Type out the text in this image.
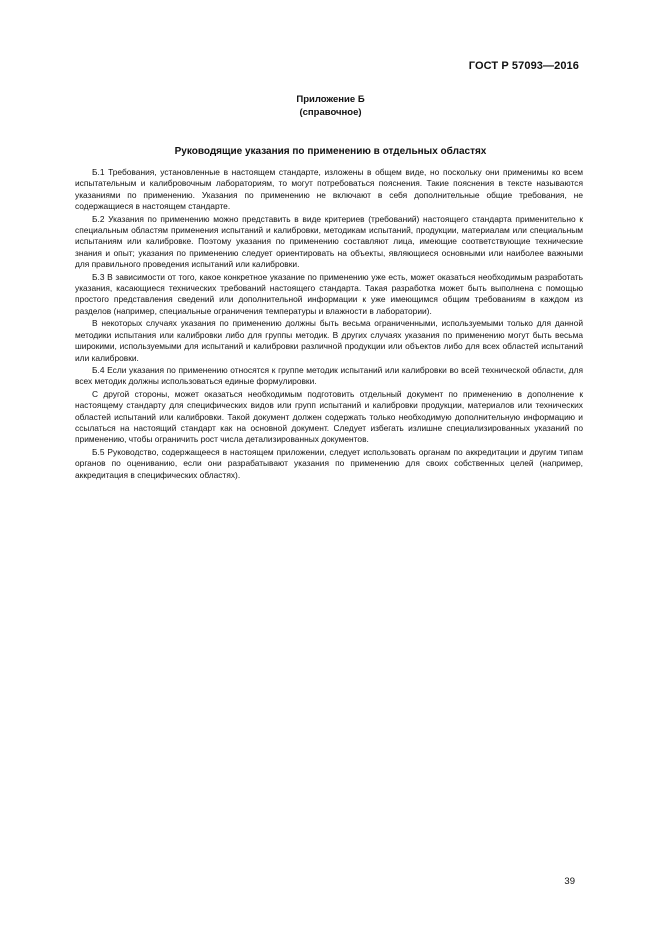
ГОСТ Р 57093—2016
Приложение Б
(справочное)
Руководящие указания по применению в отдельных областях

Б.1 Требования, установленные в настоящем стандарте, изложены в общем виде, но поскольку они применимы ко всем испытательным и калибровочным лабораториям, то могут потребоваться пояснения. Такие пояснения в тексте называются указаниями по применению. Указания по применению не включают в себя дополнительные общие требования, не содержащиеся в настоящем стандарте.

Б.2 Указания по применению можно представить в виде критериев (требований) настоящего стандарта применительно к специальным областям применения испытаний и калибровки, методикам испытаний, продукции, материалам или специальным испытаниям или калибровке. Поэтому указания по применению составляют лица, имеющие соответствующие технические знания и опыт; указания по применению следует ориентировать на объекты, являющиеся основными или наиболее важными для правильного проведения испытаний или калибровки.

Б.3 В зависимости от того, какое конкретное указание по применению уже есть, может оказаться необходимым разработать указания, касающиеся технических требований настоящего стандарта. Такая разработка может быть выполнена с помощью простого представления сведений или дополнительной информации к уже имеющимся общим требованиям в каждом из разделов (например, специальные ограничения температуры и влажности в лаборатории).

В некоторых случаях указания по применению должны быть весьма ограниченными, используемыми только для данной методики испытания или калибровки либо для группы методик. В других случаях указания по применению могут быть весьма широкими, используемыми для испытаний и калибровки различной продукции или объектов либо для всех областей испытаний или калибровки.

Б.4 Если указания по применению относятся к группе методик испытаний или калибровки во всей технической области, для всех методик должны использоваться единые формулировки.

С другой стороны, может оказаться необходимым подготовить отдельный документ по применению в дополнение к настоящему стандарту для специфических видов или групп испытаний и калибровки продукции, материалов или технических областей испытаний или калибровки. Такой документ должен содержать только необходимую дополнительную информацию и ссылаться на настоящий стандарт как на основной документ. Следует избегать излишне специализированных указаний по применению, чтобы ограничить рост числа детализированных документов.

Б.5 Руководство, содержащееся в настоящем приложении, следует использовать органам по аккредитации и другим типам органов по оцениванию, если они разрабатывают указания по применению для своих собственных целей (например, аккредитация в специфических областях).

39
